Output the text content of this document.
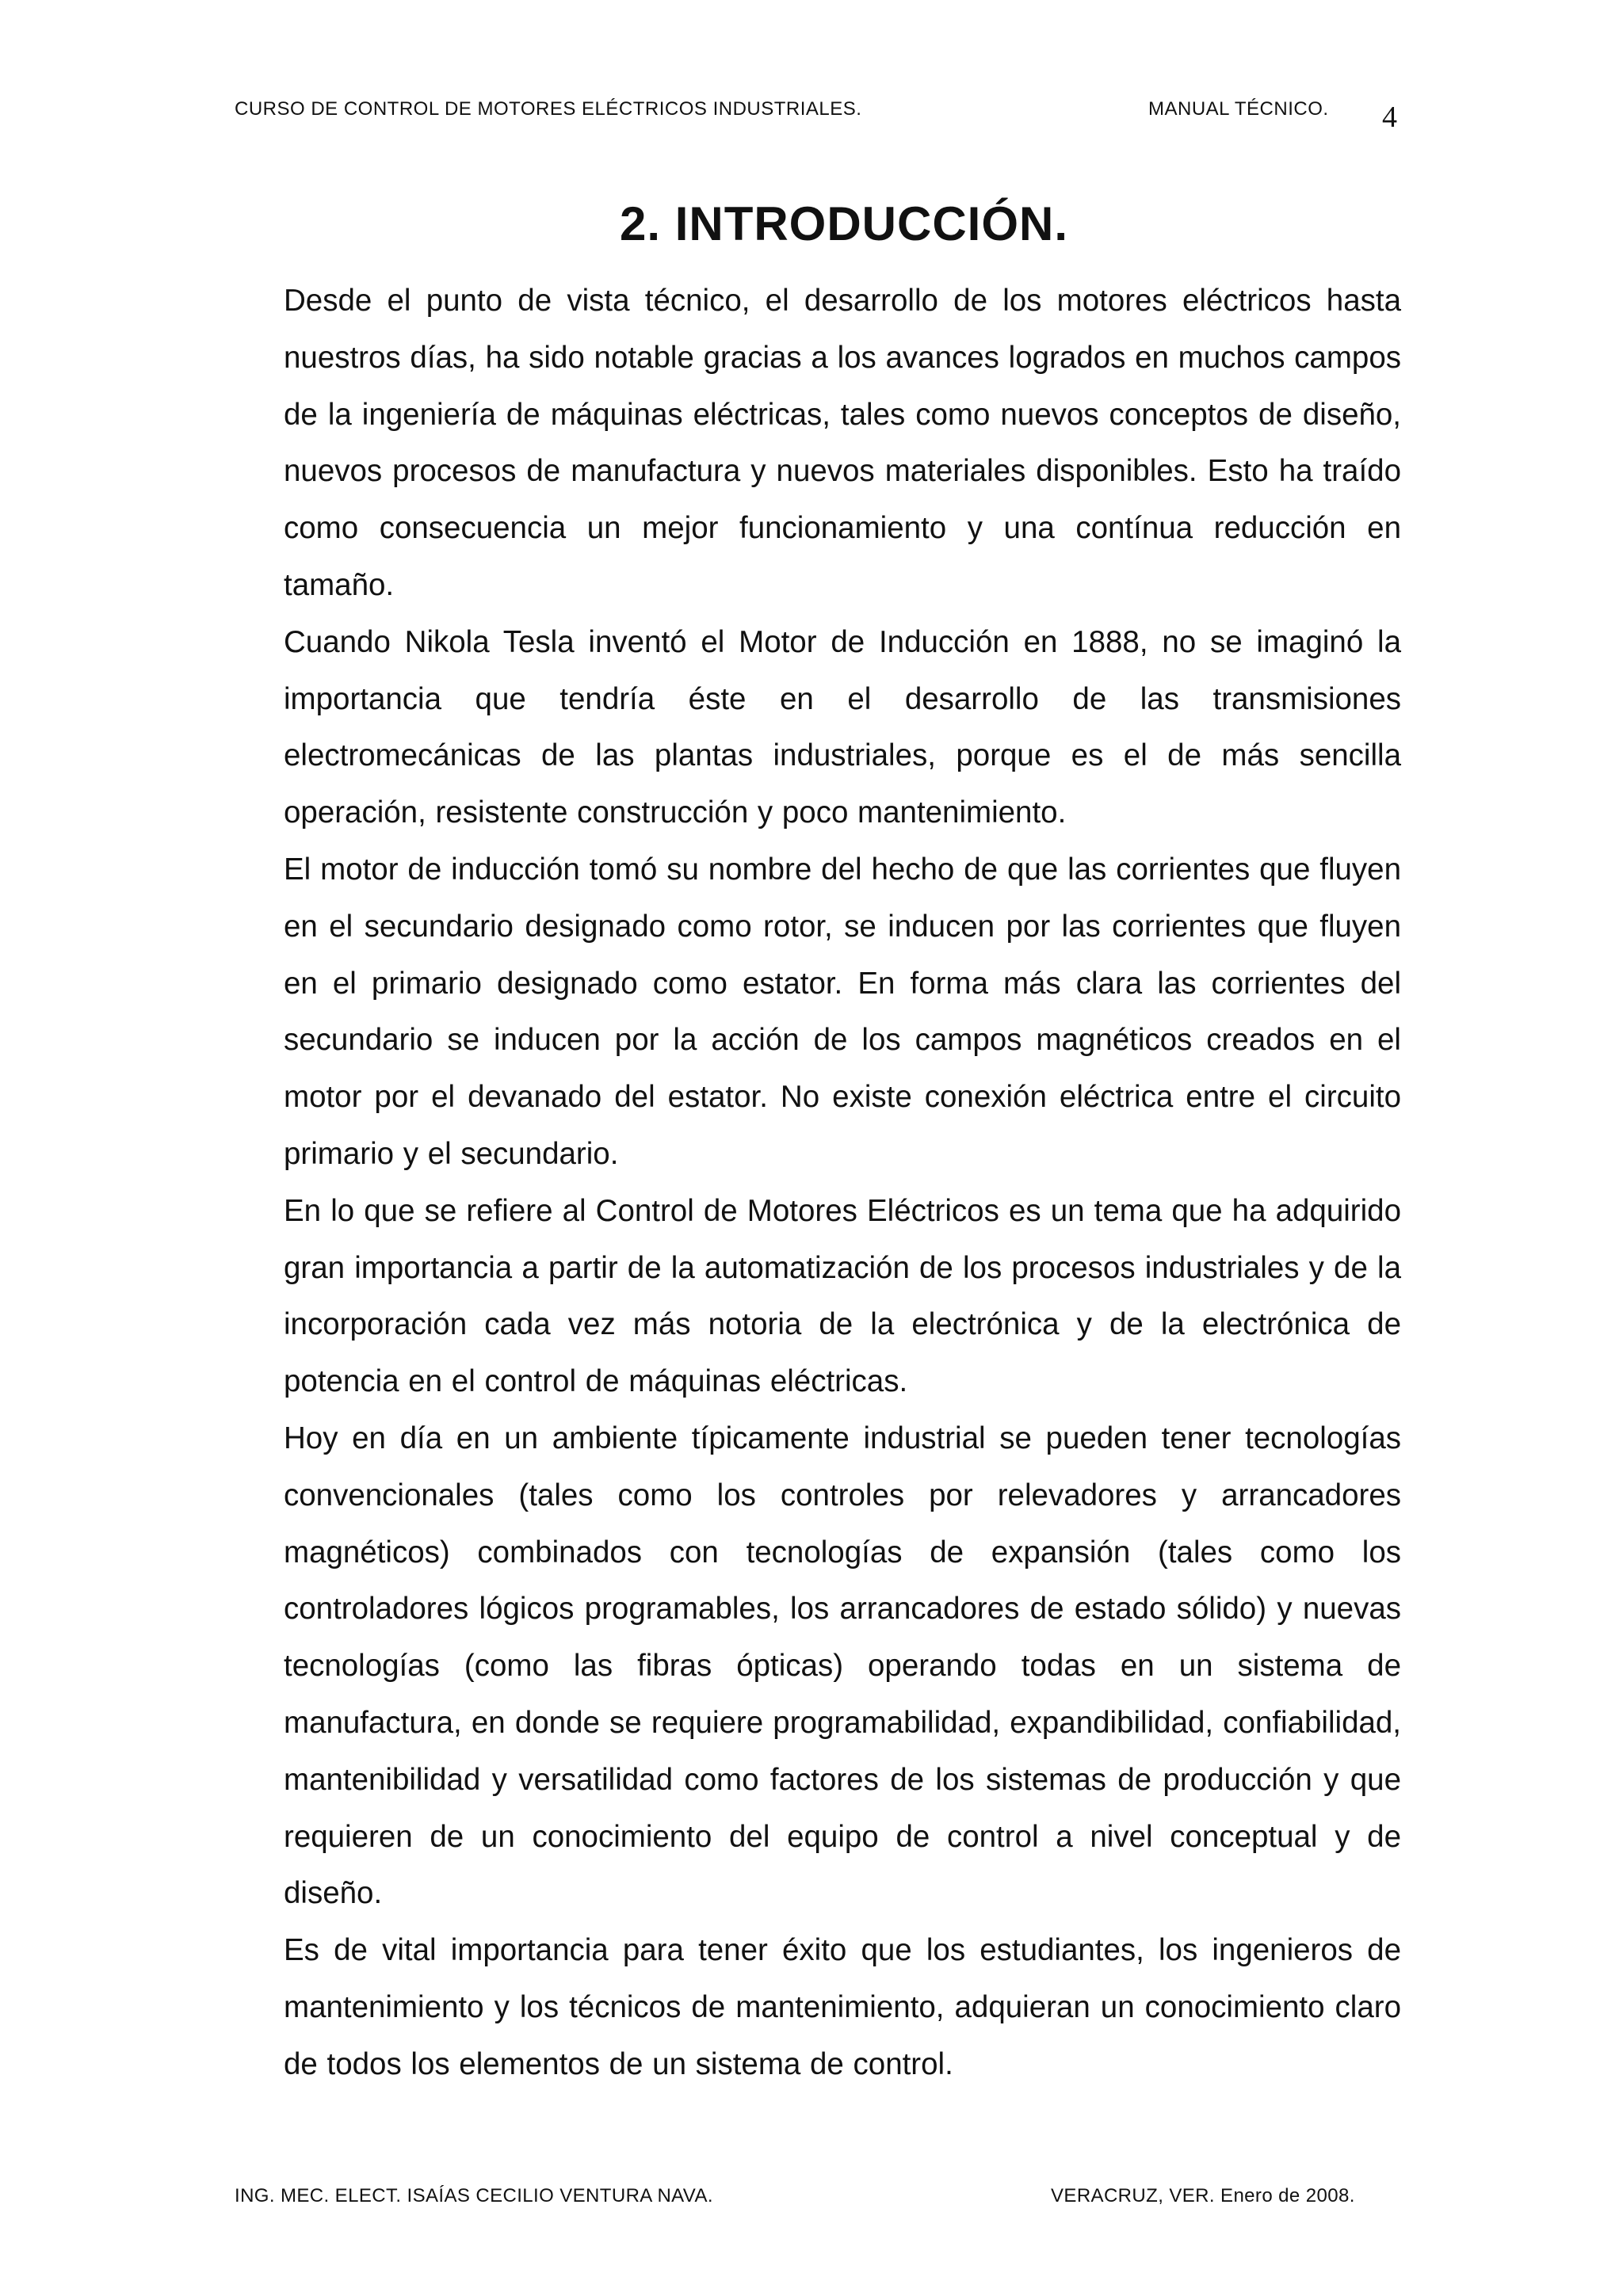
CURSO DE CONTROL DE MOTORES ELÉCTRICOS INDUSTRIALES.	MANUAL TÉCNICO. 4
2. INTRODUCCIÓN.

Desde el punto de vista técnico, el desarrollo de los motores eléctricos hasta nuestros días, ha sido notable gracias a los avances logrados en muchos campos de la ingeniería de máquinas eléctricas, tales como nuevos conceptos de diseño, nuevos procesos de manufactura y nuevos materiales disponibles. Esto ha traído como consecuencia un mejor funcionamiento y una contínua reducción en tamaño.

Cuando Nikola Tesla inventó el Motor de Inducción en 1888, no se imaginó la importancia que tendría éste en el desarrollo de las transmisiones electromecánicas de las plantas industriales, porque es el de más sencilla operación, resistente construcción y poco mantenimiento.

El motor de inducción tomó su nombre del hecho de que las corrientes que fluyen en el secundario designado como rotor, se inducen por las corrientes que fluyen en el primario designado como estator. En forma más clara las corrientes del secundario se inducen por la acción de los campos magnéticos creados en el motor por el devanado del estator. No existe conexión eléctrica entre el circuito primario y el secundario.

En lo que se refiere al Control de Motores Eléctricos es un tema que ha adquirido gran importancia a partir de la automatización de los procesos industriales y de la incorporación cada vez más notoria de la electrónica y de la electrónica de potencia en el control de máquinas eléctricas.

Hoy en día en un ambiente típicamente industrial se pueden tener tecnologías convencionales (tales como los controles por relevadores y arrancadores magnéticos) combinados con tecnologías de expansión (tales como los controladores lógicos programables, los arrancadores de estado sólido) y nuevas tecnologías (como las fibras ópticas) operando todas en un sistema de manufactura, en donde se requiere programabilidad, expandibilidad, confiabilidad, mantenibilidad y versatilidad como factores de los sistemas de producción y que requieren de un conocimiento del equipo de control a nivel conceptual y de diseño.

Es de vital importancia para tener éxito que los estudiantes, los ingenieros de mantenimiento y los técnicos de mantenimiento, adquieran un conocimiento claro de todos los elementos de un sistema de control.

ING. MEC. ELECT. ISAÍAS CECILIO VENTURA NAVA.	VERACRUZ, VER. Enero de 2008.
